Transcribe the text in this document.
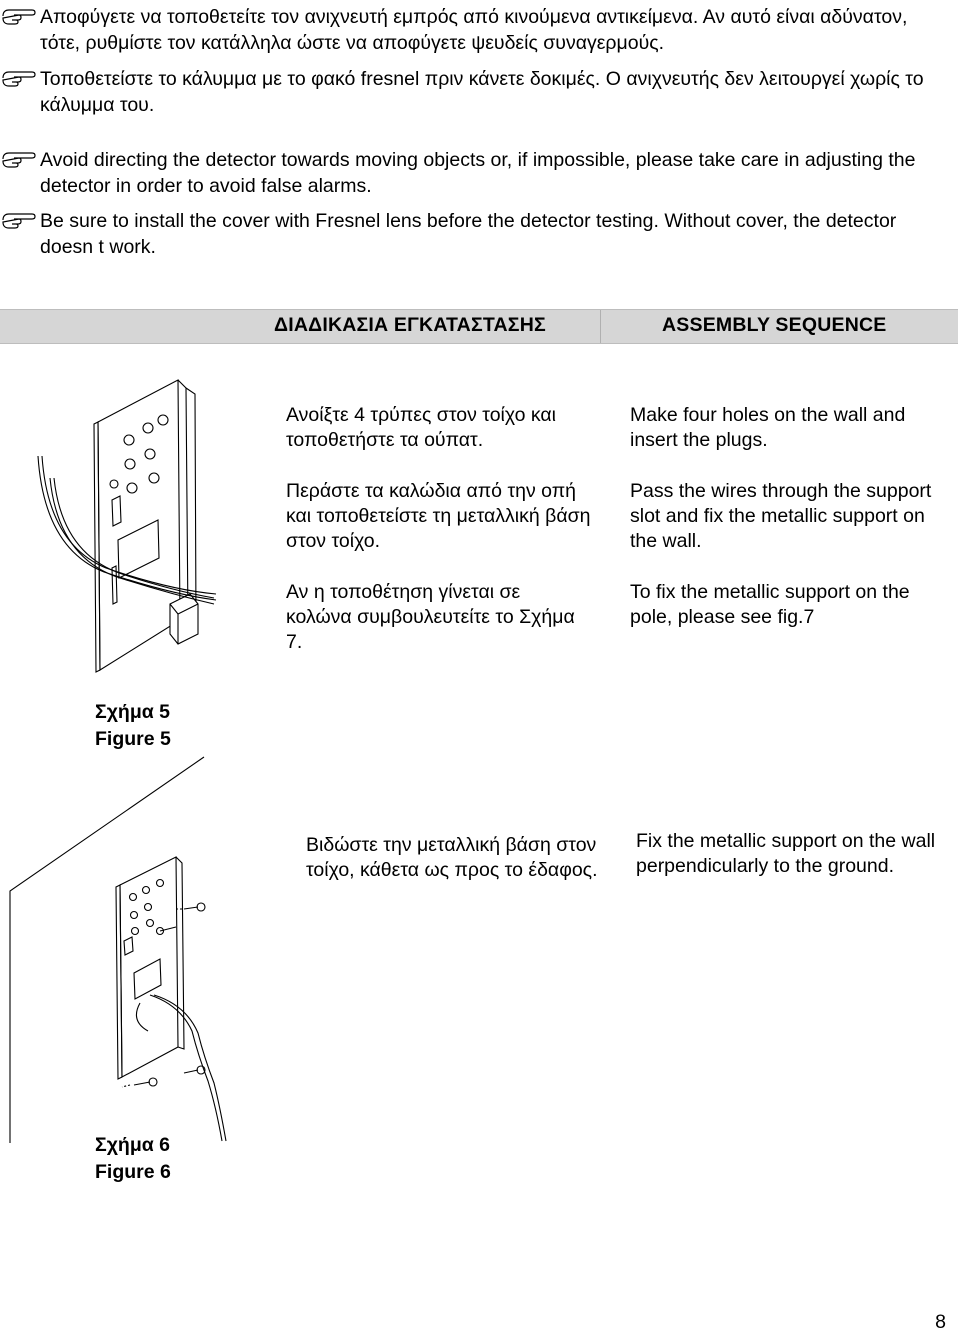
Αποφύγετε να τοποθετείτε τον ανιχνευτή εμπρός από κινούμενα αντικείμενα. Αν αυτό είναι αδύνατον, τότε, ρυθμίστε τον κατάλληλα ώστε να αποφύγετε ψευδείς συναγερμούς.
Τοποθετείστε το κάλυμμα με το φακό fresnel πριν κάνετε δοκιμές. Ο ανιχνευτής δεν λειτουργεί χωρίς το κάλυμμα του.
Avoid directing the detector towards moving objects or, if impossible, please take care in adjusting the detector in order to avoid false alarms.
Be sure to install the cover with Fresnel lens before the detector testing. Without cover, the detector doesn t work.
ΔΙΑΔΙΚΑΣΙΑ ΕΓΚΑΤΑΣΤΑΣΗΣ	ASSEMBLY SEQUENCE
Ανοίξτε 4 τρύπες στον τοίχο και τοποθετήστε τα ούπατ.
Περάστε τα καλώδια από την οπή και τοποθετείστε τη μεταλλική βάση στον τοίχο.
Αν η τοποθέτηση γίνεται σε κολώνα συμβουλευτείτε το Σχήμα 7.
Make four holes on the wall and insert the plugs.
Pass the wires through the support slot and fix the metallic support on the wall.
To fix the metallic support on the pole, please see fig.7
Σχήμα 5
Figure 5
Βιδώστε την μεταλλική βάση στον τοίχο, κάθετα ως προς το έδαφος.
Fix the metallic support on the wall perpendicularly to the ground.
Σχήμα 6
Figure 6
8
